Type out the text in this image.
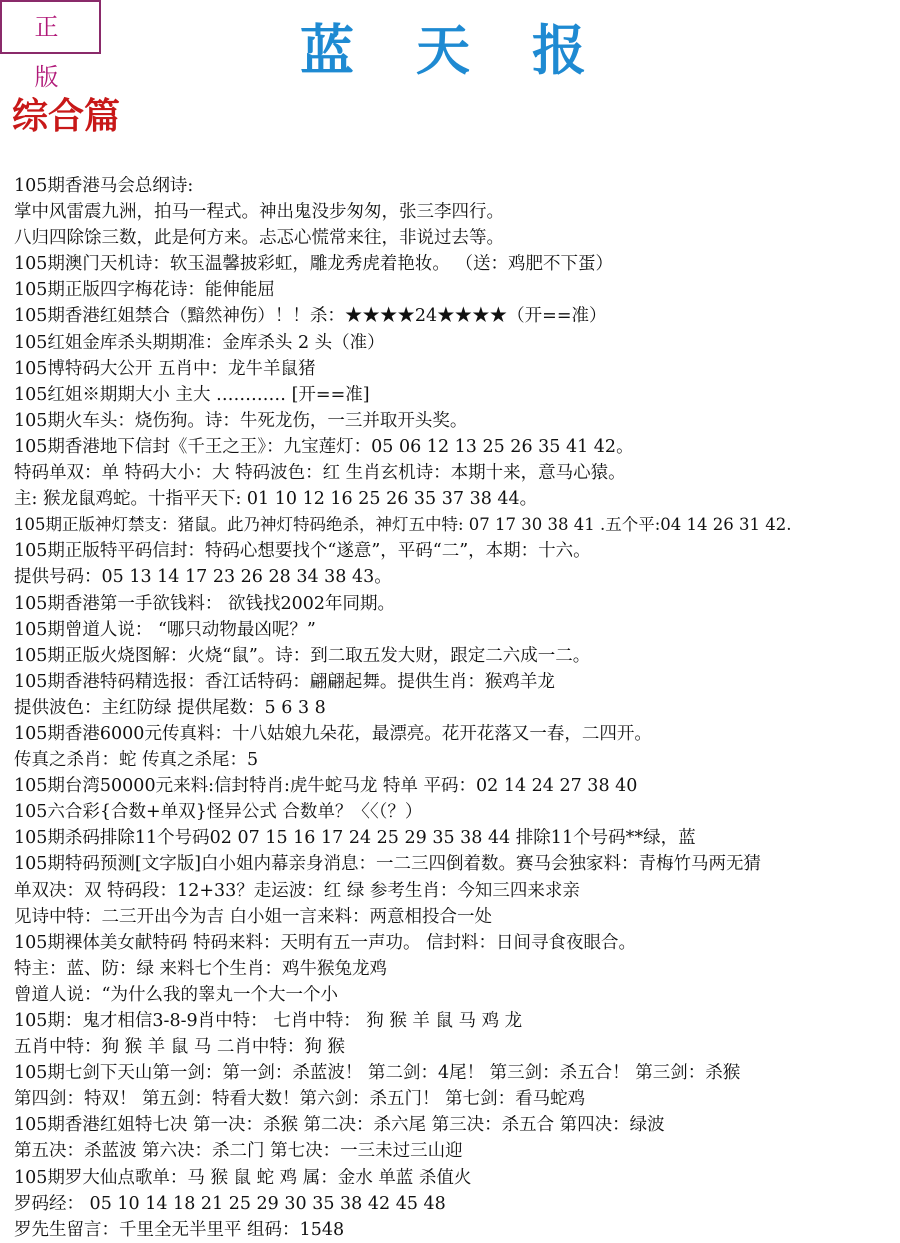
正 版	蓝天报
综合篇
105期香港马会总纲诗:
掌中风雷震九洲，拍马一程式。神出鬼没步匆匆，张三李四行。
八归四除馀三数，此是何方来。忐忑心慌常来往，非说过去等。
105期澳门天机诗：软玉温馨披彩虹，雕龙秀虎着艳妆。 （送：鸡肥不下蛋）
105期正版四字梅花诗：能伸能屈
105期香港红姐禁合（黯然神伤）！！杀：★★★★24★★★★（开==准）
105红姐金库杀头期期准：金库杀头 2 头（准）
105博特码大公开 五肖中：龙牛羊鼠猪
105红姐※期期大小 主大 ………… [开==准]
105期火车头：烧伤狗。诗：牛死龙伤，一三并取开头奖。
105期香港地下信封《千王之王》：九宝莲灯：05 06 12 13 25 26 35 41 42。
特码单双：单 特码大小：大 特码波色：红 生肖玄机诗：本期十来，意马心猿。
主: 猴龙鼠鸡蛇。十指平天下: 01 10 12 16 25 26 35 37 38 44。
105期正版神灯禁支：猪鼠。此乃神灯特码绝杀，神灯五中特: 07 17 30 38 41 .五个平:04 14 26 31 42.
105期正版特平码信封：特码心想要找个“遂意”，平码“二”，本期：十六。
提供号码：05 13 14 17 23 26 28 34 38 43。
105期香港第一手欲钱料： 欲钱找2002年同期。
105期曾道人说： “哪只动物最凶呢？”
105期正版火烧图解：火烧“鼠”。诗：到二取五发大财，跟定二六成一二。
105期香港特码精选报：香江话特码：翩翩起舞。提供生肖：猴鸡羊龙
提供波色：主红防绿 提供尾数：5 6 3 8
105期香港6000元传真料：十八姑娘九朵花，最漂亮。花开花落又一春，二四开。
传真之杀肖：蛇 传真之杀尾：5
105期台湾50000元来料:信封特肖:虎牛蛇马龙 特单 平码：02 14 24 27 38 40
105六合彩{合数+单双}怪异公式 合数单？〈〈（？）
105期杀码排除11个号码02 07 15 16 17 24 25 29 35 38 44 排除11个号码**绿，蓝
105期特码预测[文字版]白小姐内幕亲身消息：一二三四倒着数。赛马会独家料：青梅竹马两无猜
单双决：双 特码段：12+33？走运波：红 绿 参考生肖：今知三四来求亲
见诗中特：二三开出今为吉 白小姐一言来料：两意相投合一处
105期裸体美女献特码 特码来料：天明有五一声功。 信封料：日间寻食夜眼合。
特主：蓝、防：绿 来料七个生肖：鸡牛猴兔龙鸡
曾道人说：“为什么我的睾丸一个大一个小
105期：鬼才相信3-8-9肖中特： 七肖中特： 狗 猴 羊 鼠 马 鸡 龙
五肖中特：狗 猴 羊 鼠 马 二肖中特：狗 猴
105期七剑下天山第一剑：第一剑：杀蓝波！ 第二剑：4尾！ 第三剑：杀五合！ 第三剑：杀猴
第四剑：特双！ 第五剑：特看大数！第六剑：杀五门！ 第七剑：看马蛇鸡
105期香港红姐特七决 第一决：杀猴 第二决：杀六尾 第三决：杀五合 第四决：绿波
第五决：杀蓝波 第六决：杀二门 第七决：一三未过三山迎
105期罗大仙点歌单：马 猴 鼠 蛇 鸡 属：金水 单蓝 杀值火
罗码经： 05 10 14 18 21 25 29 30 35 38 42 45 48
罗先生留言：千里全无半里平 组码：1548
